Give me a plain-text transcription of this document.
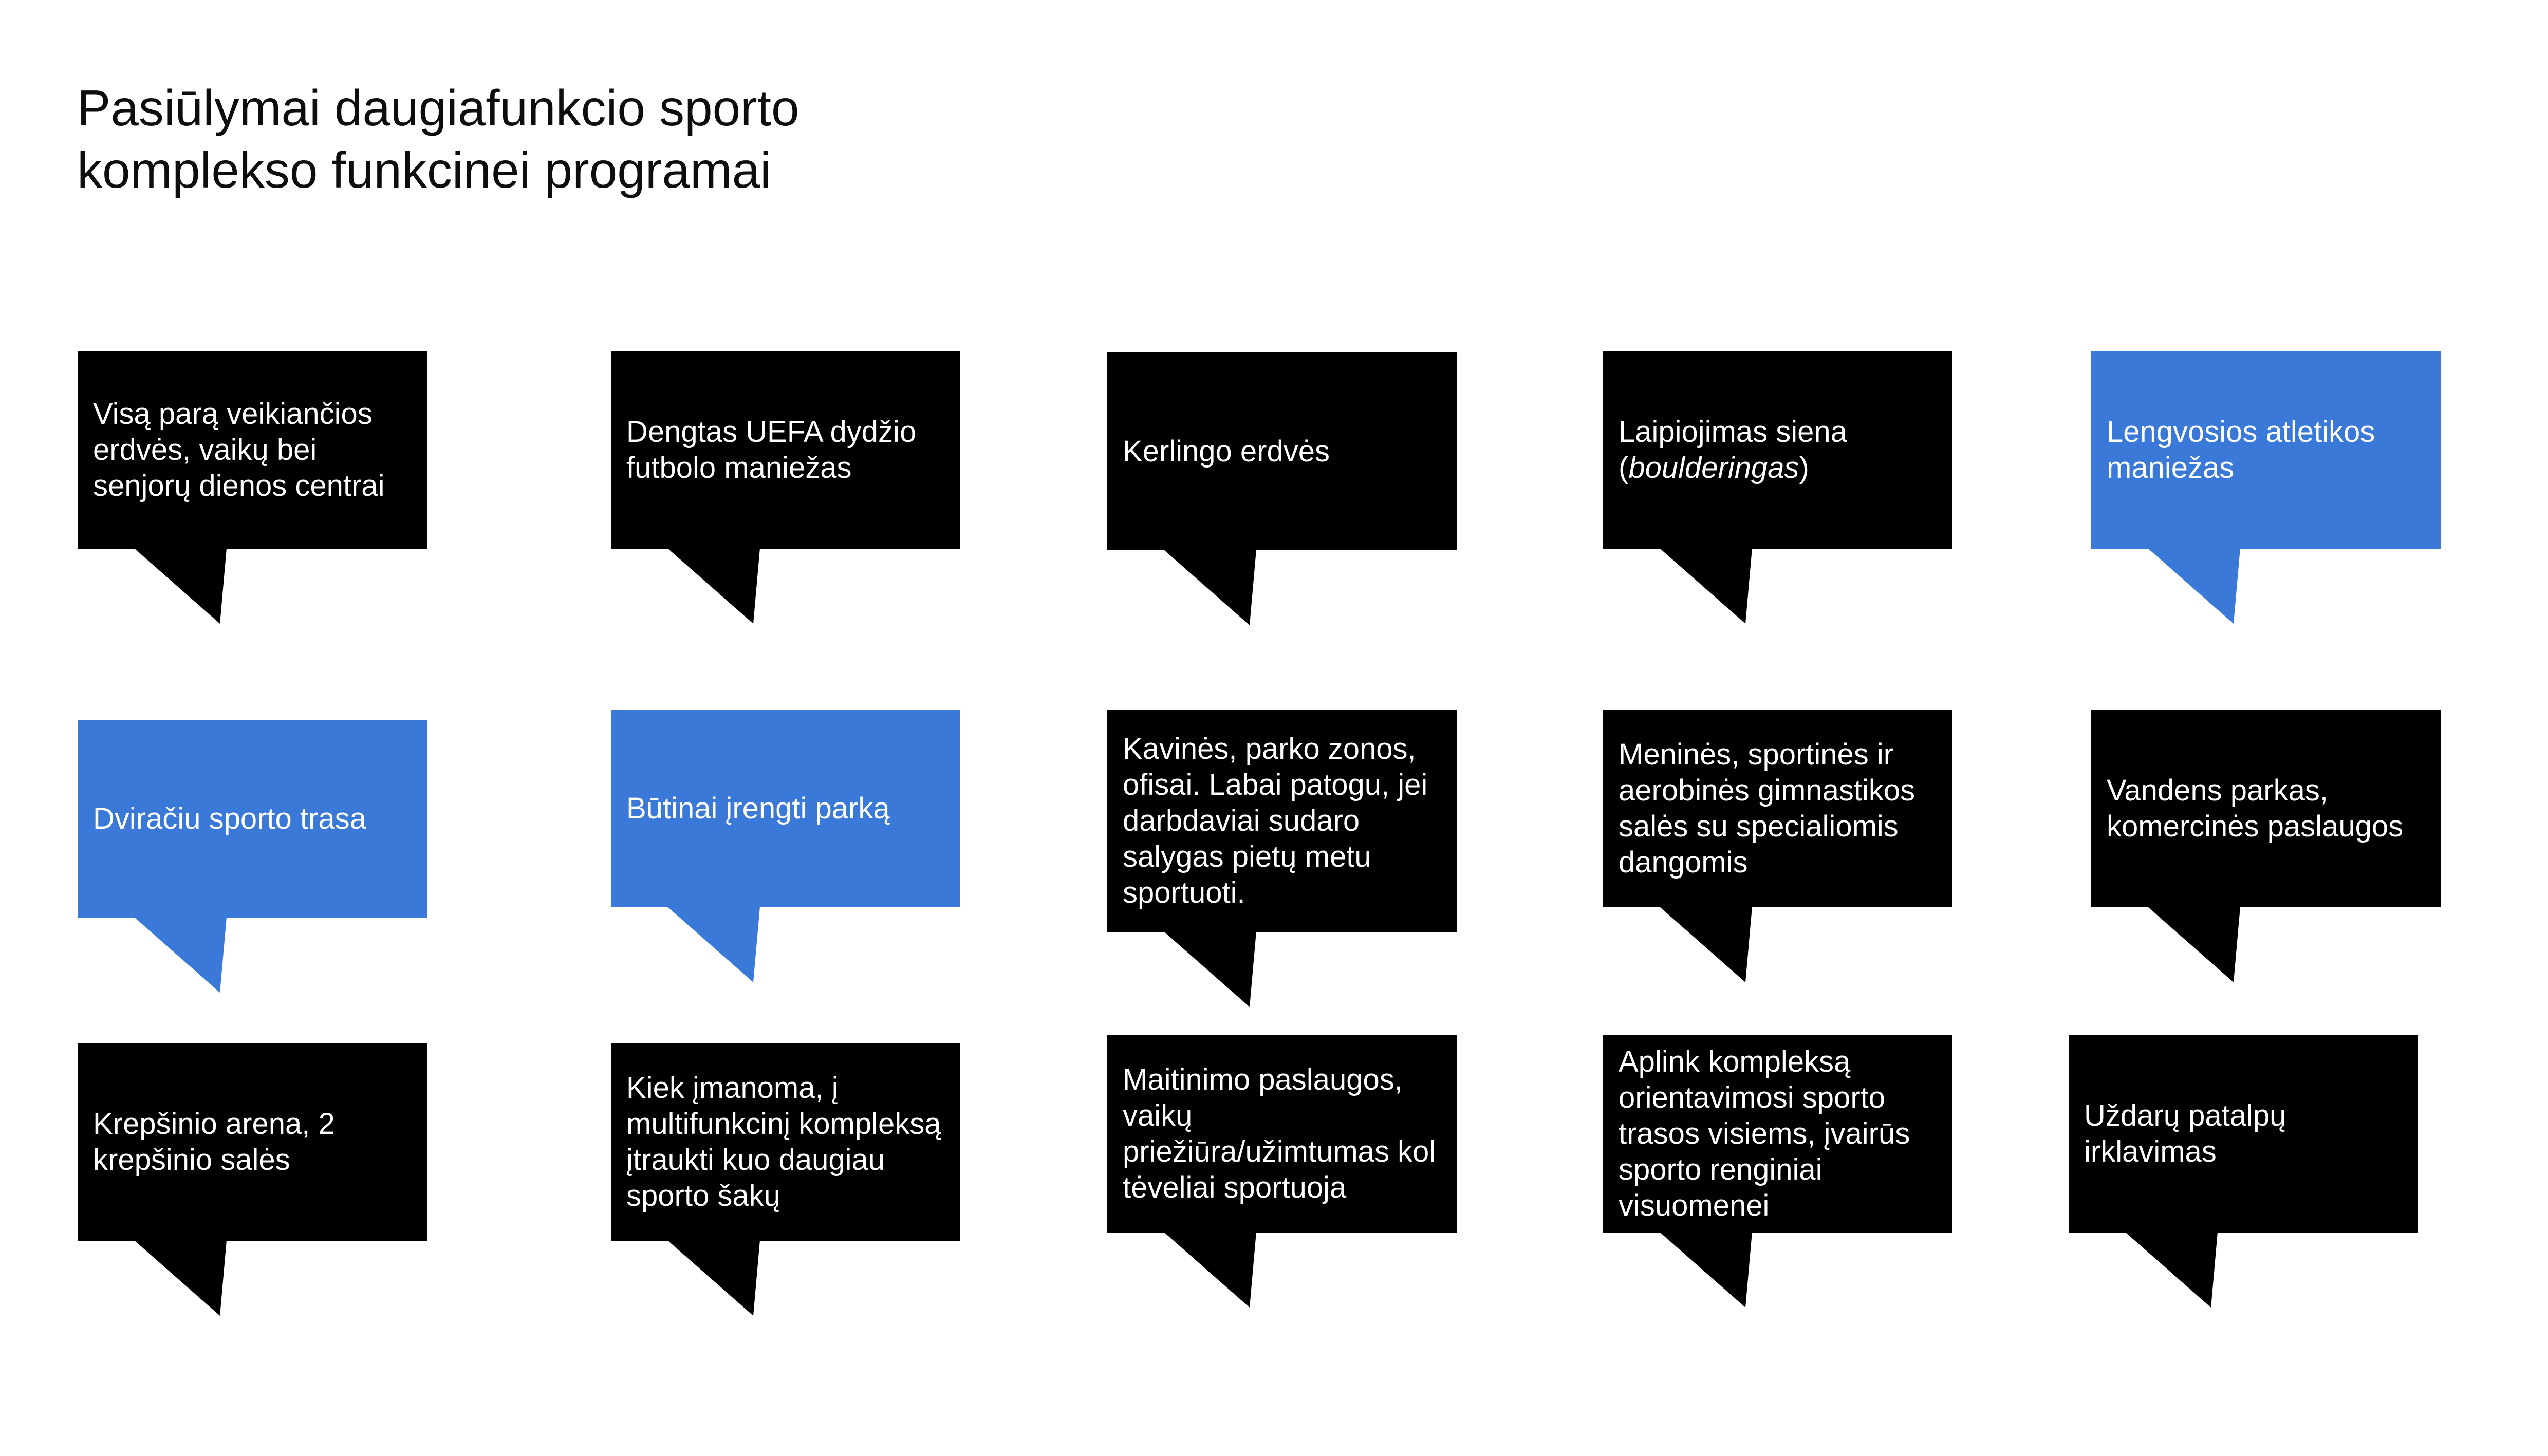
Pasiūlymai daugiafunkcio sporto komplekso funkcinei programai
Visą parą veikiančios erdvės, vaikų bei senjorų dienos centrai
Dengtas UEFA dydžio futbolo maniežas	Kerlingo erdvės
Laipiojimas siena
(boulderingas)
Lengvosios atletikos maniežas
Dviračiu sporto trasa	Būtinai įrengti parką
Kavinės, parko zonos, ofisai. Labai patogu, jei darbdaviai sudaro salygas pietų metu sportuoti.
Meninės, sportinės ir aerobinės gimnastikos salės su specialiomis dangomis
Vandens parkas, komercinės paslaugos
Krepšinio arena, 2 krepšinio salės
Kiek įmanoma, į multifunkcinį kompleksą įtraukti kuo daugiau sporto šakų
Maitinimo paslaugos, vaikų priežiūra/užimtumas kol tėveliai sportuoja
Aplink kompleksą orientavimosi sporto trasos visiems, įvairūs sporto renginiai visuomenei
Uždarų patalpų irklavimas
